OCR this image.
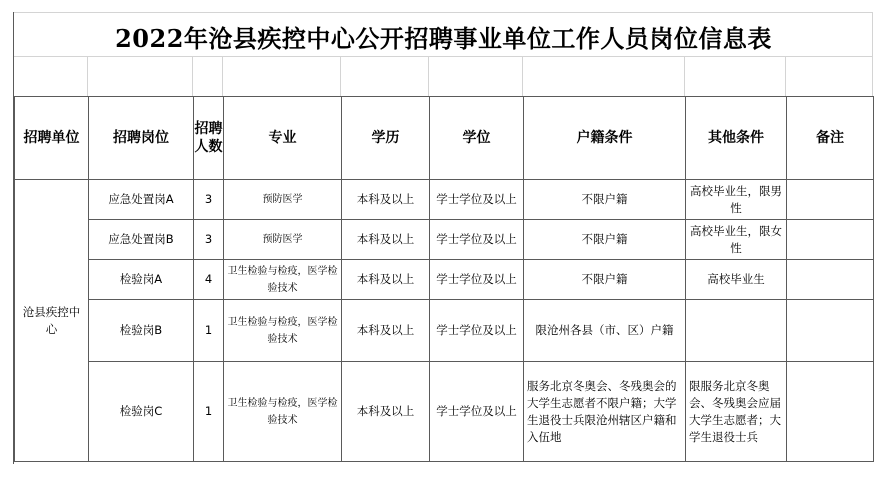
2022年沧县疾控中心公开招聘事业单位工作人员岗位信息表
招聘单位	招聘岗位	招聘人数	专业	学历	学位	户籍条件	其他条件	备注
沧县疾控中心	应急处置岗A	3	预防医学	本科及以上	学士学位及以上	不限户籍	高校毕业生，限男性	
	应急处置岗B	3	预防医学	本科及以上	学士学位及以上	不限户籍	高校毕业生，限女性	
	检验岗A	4	卫生检验与检疫，医学检验技术	本科及以上	学士学位及以上	不限户籍	高校毕业生	
	检验岗B	1	卫生检验与检疫，医学检验技术	本科及以上	学士学位及以上	限沧州各县（市、区）户籍		
	检验岗C	1	卫生检验与检疫，医学检验技术	本科及以上	学士学位及以上	服务北京冬奥会、冬残奥会的大学生志愿者不限户籍；大学生退役士兵限沧州辖区户籍和入伍地	限服务北京冬奥会、冬残奥会应届大学生志愿者；大学生退役士兵	
